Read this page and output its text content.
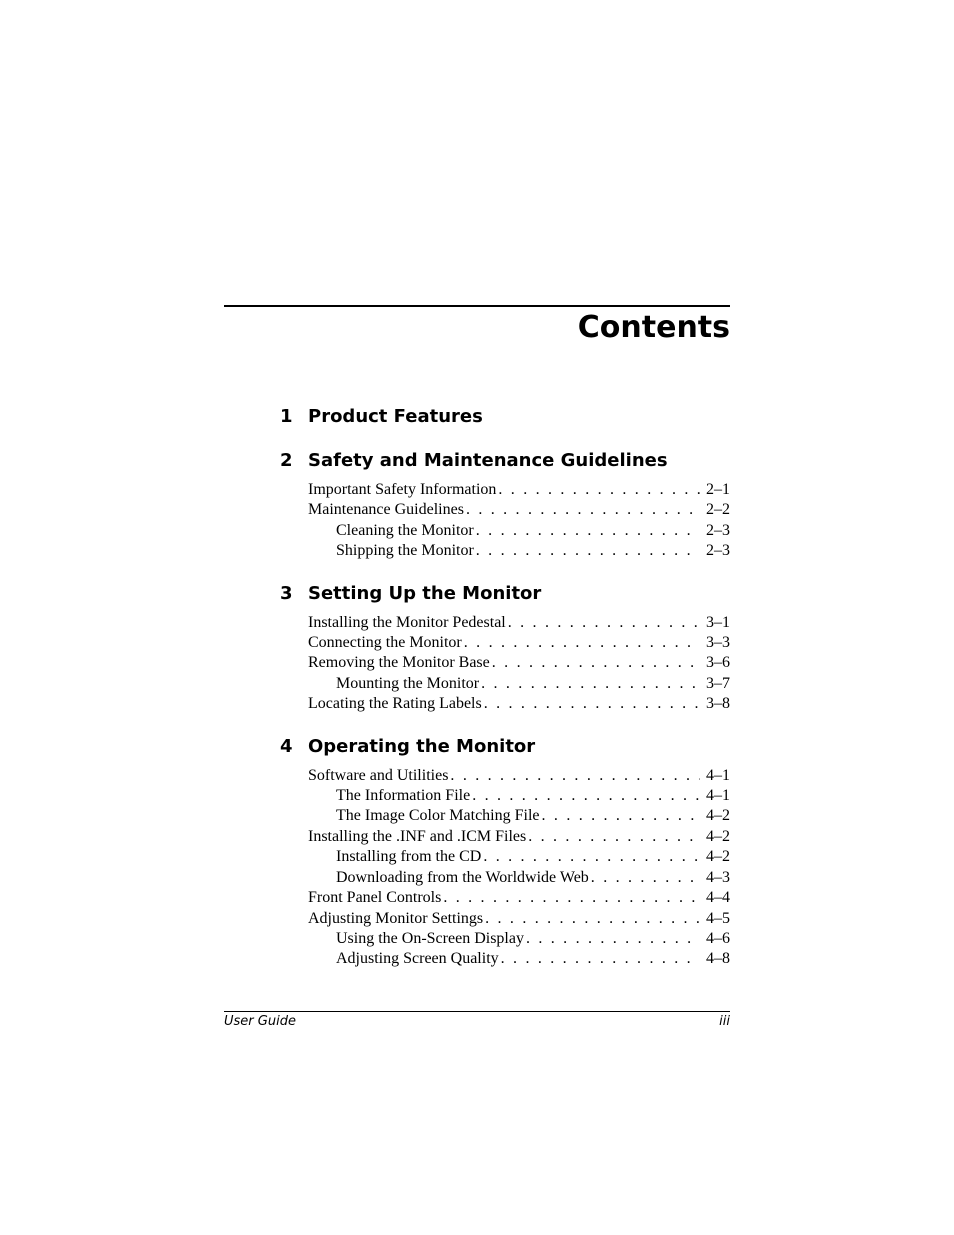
Contents
1 Product Features
2 Safety and Maintenance Guidelines
Important Safety Information . . .	2–1
Maintenance Guidelines . . .	2–2
Cleaning the Monitor . . .	2–3
Shipping the Monitor . . .	2–3
3 Setting Up the Monitor
Installing the Monitor Pedestal . . .	3–1
Connecting the Monitor . . .	3–3
Removing the Monitor Base . . .	3–6
Mounting the Monitor . . .	3–7
Locating the Rating Labels . . .	3–8
4 Operating the Monitor
Software and Utilities . . .	4–1
The Information File . . .	4–1
The Image Color Matching File . . .	4–2
Installing the .INF and .ICM Files . . .	4–2
Installing from the CD . . .	4–2
Downloading from the Worldwide Web . . .	4–3
Front Panel Controls . . .	4–4
Adjusting Monitor Settings . . .	4–5
Using the On-Screen Display . . .	4–6
Adjusting Screen Quality . . .	4–8
User Guide	iii
